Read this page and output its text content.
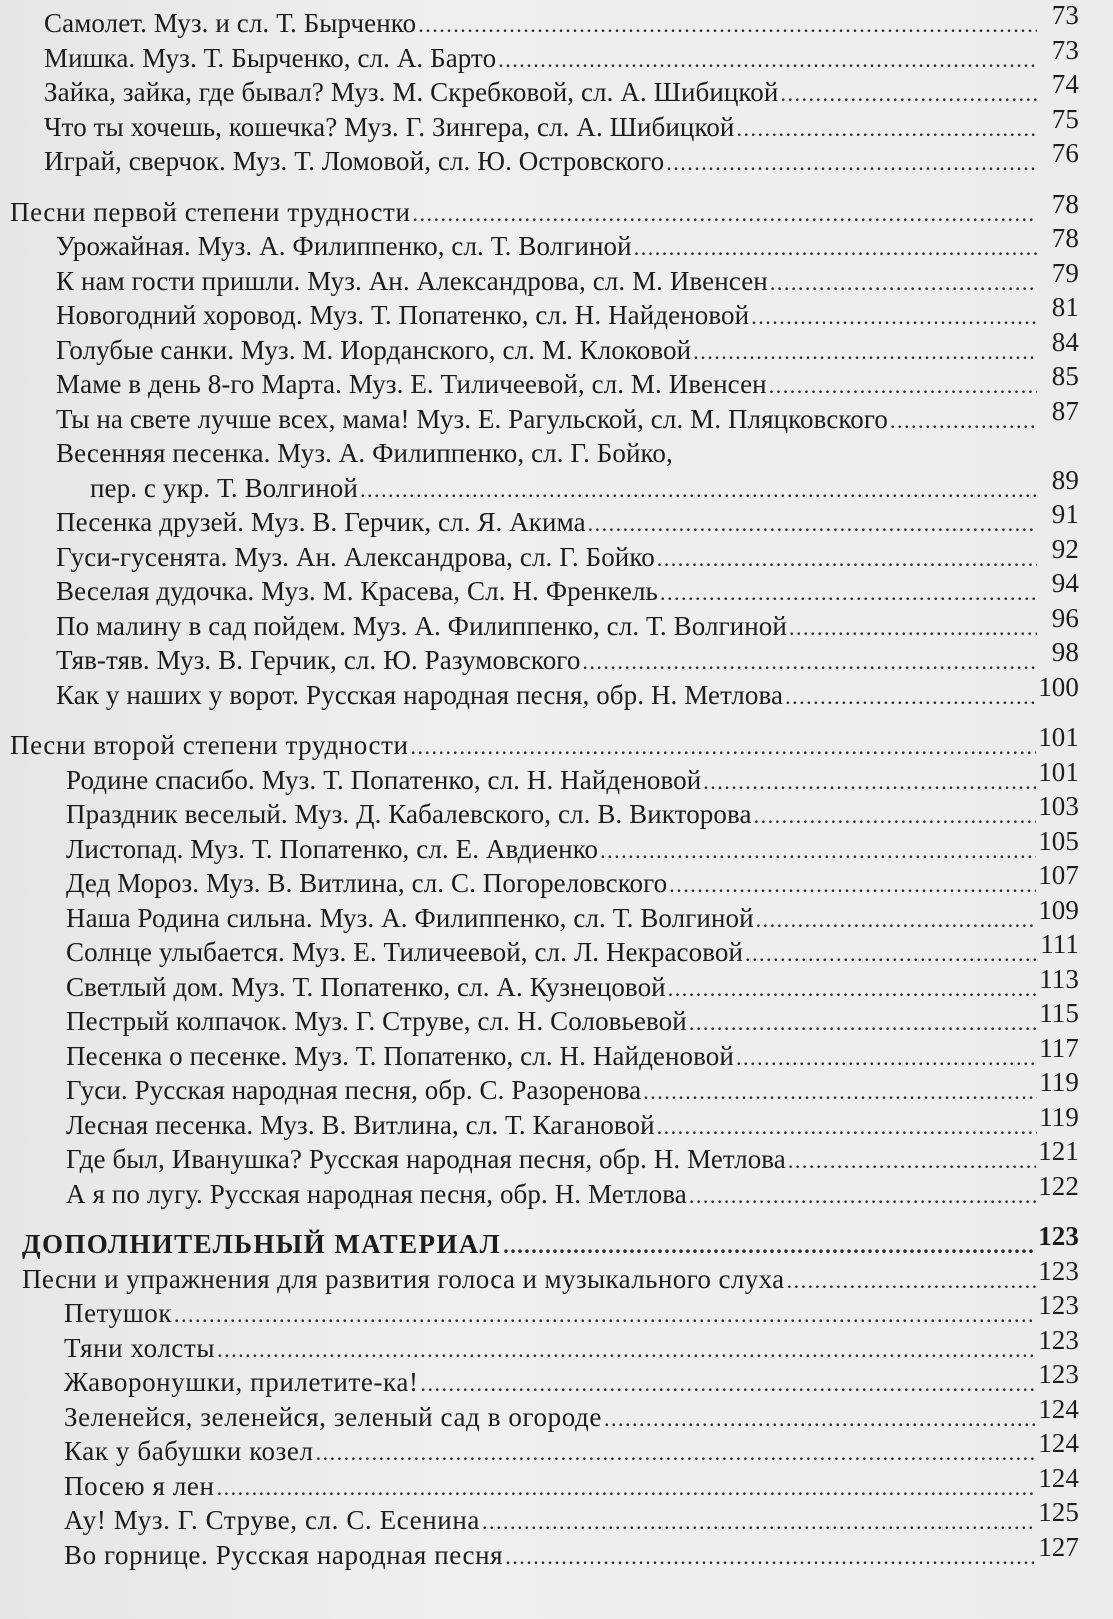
Самолет. Муз. и сл. Т. Бырченко .....	73
Мишка. Муз. Т. Бырченко, сл. А. Барто .....	73
Зайка, зайка, где бывал? Муз. М. Скребковой, сл. А. Шибицкой .....	74
Что ты хочешь, кошечка? Муз. Г. Зингера, сл. А. Шибицкой .....	75
Играй, сверчок. Муз. Т. Ломовой, сл. Ю. Островского .....	76
Песни первой степени трудности .....	78
Урожайная. Муз. А. Филиппенко, сл. Т. Волгиной .....	78
К нам гости пришли. Муз. Ан. Александрова, сл. М. Ивенсен .....	79
Новогодний хоровод. Муз. Т. Попатенко, сл. Н. Найденовой .....	81
Голубые санки. Муз. М. Иорданского, сл. М. Клоковой .....	84
Маме в день 8-го Марта. Муз. Е. Тиличеевой, сл. М. Ивенсен .....	85
Ты на свете лучше всех, мама! Муз. Е. Рагульской, сл. М. Пляцковского .....	87
Весенняя песенка. Муз. А. Филиппенко, сл. Г. Бойко,
пер. с укр. Т. Волгиной .....	89
Песенка друзей. Муз. В. Герчик, сл. Я. Акима .....	91
Гуси-гусенята. Муз. Ан. Александрова, сл. Г. Бойко .....	92
Веселая дудочка. Муз. М. Красева, Сл. Н. Френкель .....	94
По малину в сад пойдем. Муз. А. Филиппенко, сл. Т. Волгиной .....	96
Тяв-тяв. Муз. В. Герчик, сл. Ю. Разумовского .....	98
Как у наших у ворот. Русская народная песня, обр. Н. Метлова .....	100
Песни второй степени трудности .....	101
Родине спасибо. Муз. Т. Попатенко, сл. Н. Найденовой .....	101
Праздник веселый. Муз. Д. Кабалевского, сл. В. Викторова .....	103
Листопад. Муз. Т. Попатенко, сл. Е. Авдиенко .....	105
Дед Мороз. Муз. В. Витлина, сл. С. Погореловского .....	107
Наша Родина сильна. Муз. А. Филиппенко, сл. Т. Волгиной .....	109
Солнце улыбается. Муз. Е. Тиличеевой, сл. Л. Некрасовой .....	111
Светлый дом. Муз. Т. Попатенко, сл. А. Кузнецовой .....	113
Пестрый колпачок. Муз. Г. Струве, сл. Н. Соловьевой .....	115
Песенка о песенке. Муз. Т. Попатенко, сл. Н. Найденовой .....	117
Гуси. Русская народная песня, обр. С. Разоренова .....	119
Лесная песенка. Муз. В. Витлина, сл. Т. Кагановой .....	119
Где был, Иванушка? Русская народная песня, обр. Н. Метлова .....	121
А я по лугу. Русская народная песня, обр. Н. Метлова .....	122
ДОПОЛНИТЕЛЬНЫЙ МАТЕРИАЛ .....	123
Песни и упражнения для развития голоса и музыкального слуха .....	123
Петушок .....	123
Тяни холсты .....	123
Жаворонушки, прилетите-ка! .....	123
Зеленейся, зеленейся, зеленый сад в огороде .....	124
Как у бабушки козел .....	124
Посею я лен .....	124
Ау! Муз. Г. Струве, сл. С. Есенина .....	125
Во горнице. Русская народная песня .....	127
